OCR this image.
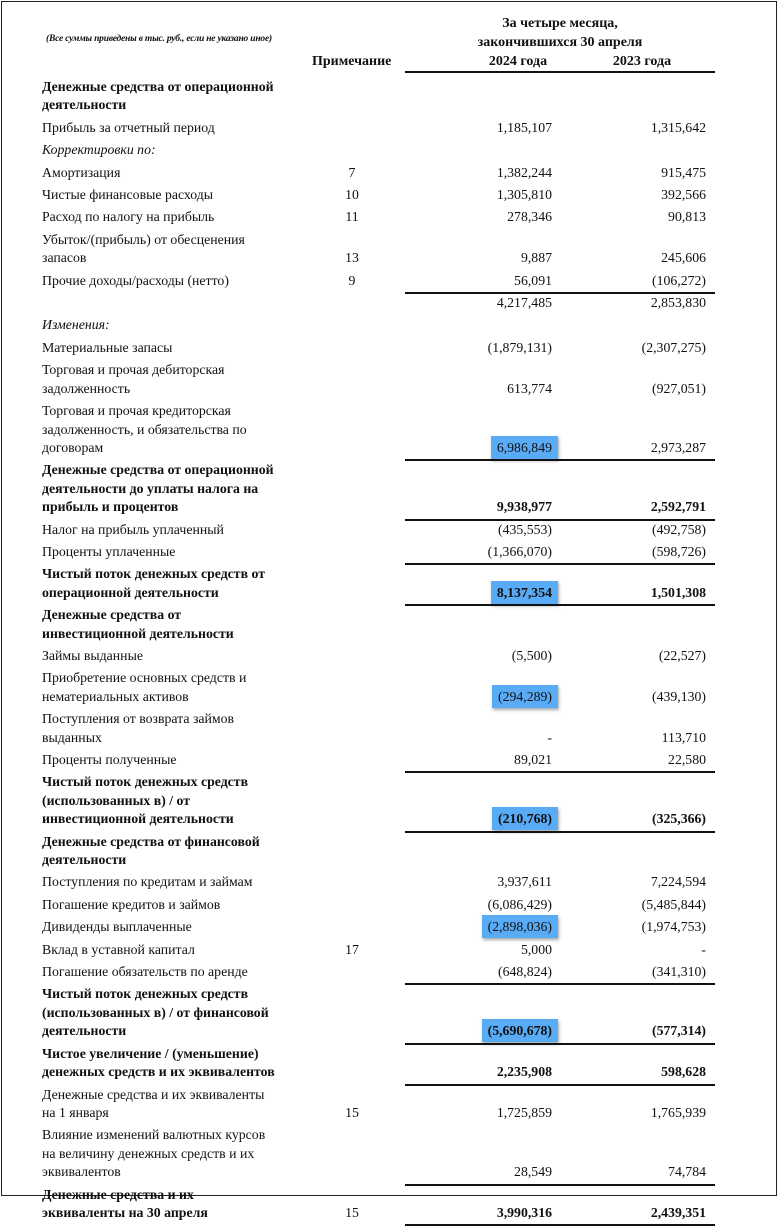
(Все суммы приведены в тыс. руб., если не указано иное)
За четыре месяца,
закончившихся 30 апреля
Примечание	2024 года	2023 года
Денежные средства от операционной
деятельности
Прибыль за отчетный период	1,185,107	1,315,642
Корректировки по:
Амортизация	7	1,382,244	915,475
Чистые финансовые расходы	10	1,305,810	392,566
Расход по налогу на прибыль	11	278,346	90,813
Убыток/(прибыль) от обесценения
запасов	13	9,887	245,606
Прочие доходы/расходы (нетто)	9	56,091	(106,272)

4,217,485	2,853,830
Изменения:
Материальные запасы	(1,879,131)	(2,307,275)
Торговая и прочая дебиторская
задолженность	613,774	(927,051)
Торговая и прочая кредиторская
задолженность, и обязательства по
договорам	6,986,849	2,973,287
Денежные средства от операционной
деятельности до уплаты налога на
прибыль и процентов	9,938,977	2,592,791
Налог на прибыль уплаченный	(435,553)	(492,758)
Проценты уплаченные	(1,366,070)	(598,726)
Чистый поток денежных средств от
операционной деятельности	8,137,354	1,501,308
Денежные средства от
инвестиционной деятельности
Займы выданные	(5,500)	(22,527)
Приобретение основных средств и
нематериальных активов	(294,289)	(439,130)
Поступления от возврата займов
выданных	-	113,710
Проценты полученные	89,021	22,580
Чистый поток денежных средств
(использованных в) / от
инвестиционной деятельности	(210,768)	(325,366)
Денежные средства от финансовой
деятельности
Поступления по кредитам и займам	3,937,611	7,224,594
Погашение кредитов и займов	(6,086,429)	(5,485,844)
Дивиденды выплаченные	(2,898,036)	(1,974,753)
Вклад в уставной капитал	17	5,000	-
Погашение обязательств по аренде	(648,824)	(341,310)
Чистый поток денежных средств
(использованных в) / от финансовой
деятельности	(5,690,678)	(577,314)
Чистое увеличение / (уменьшение)
денежных средств и их эквивалентов	2,235,908	598,628
Денежные средства и их эквиваленты
на 1 января	15	1,725,859	1,765,939
Влияние изменений валютных курсов
на величину денежных средств и их
эквивалентов	28,549	74,784
Денежные средства и их
эквиваленты на 30 апреля	15	3,990,316	2,439,351
